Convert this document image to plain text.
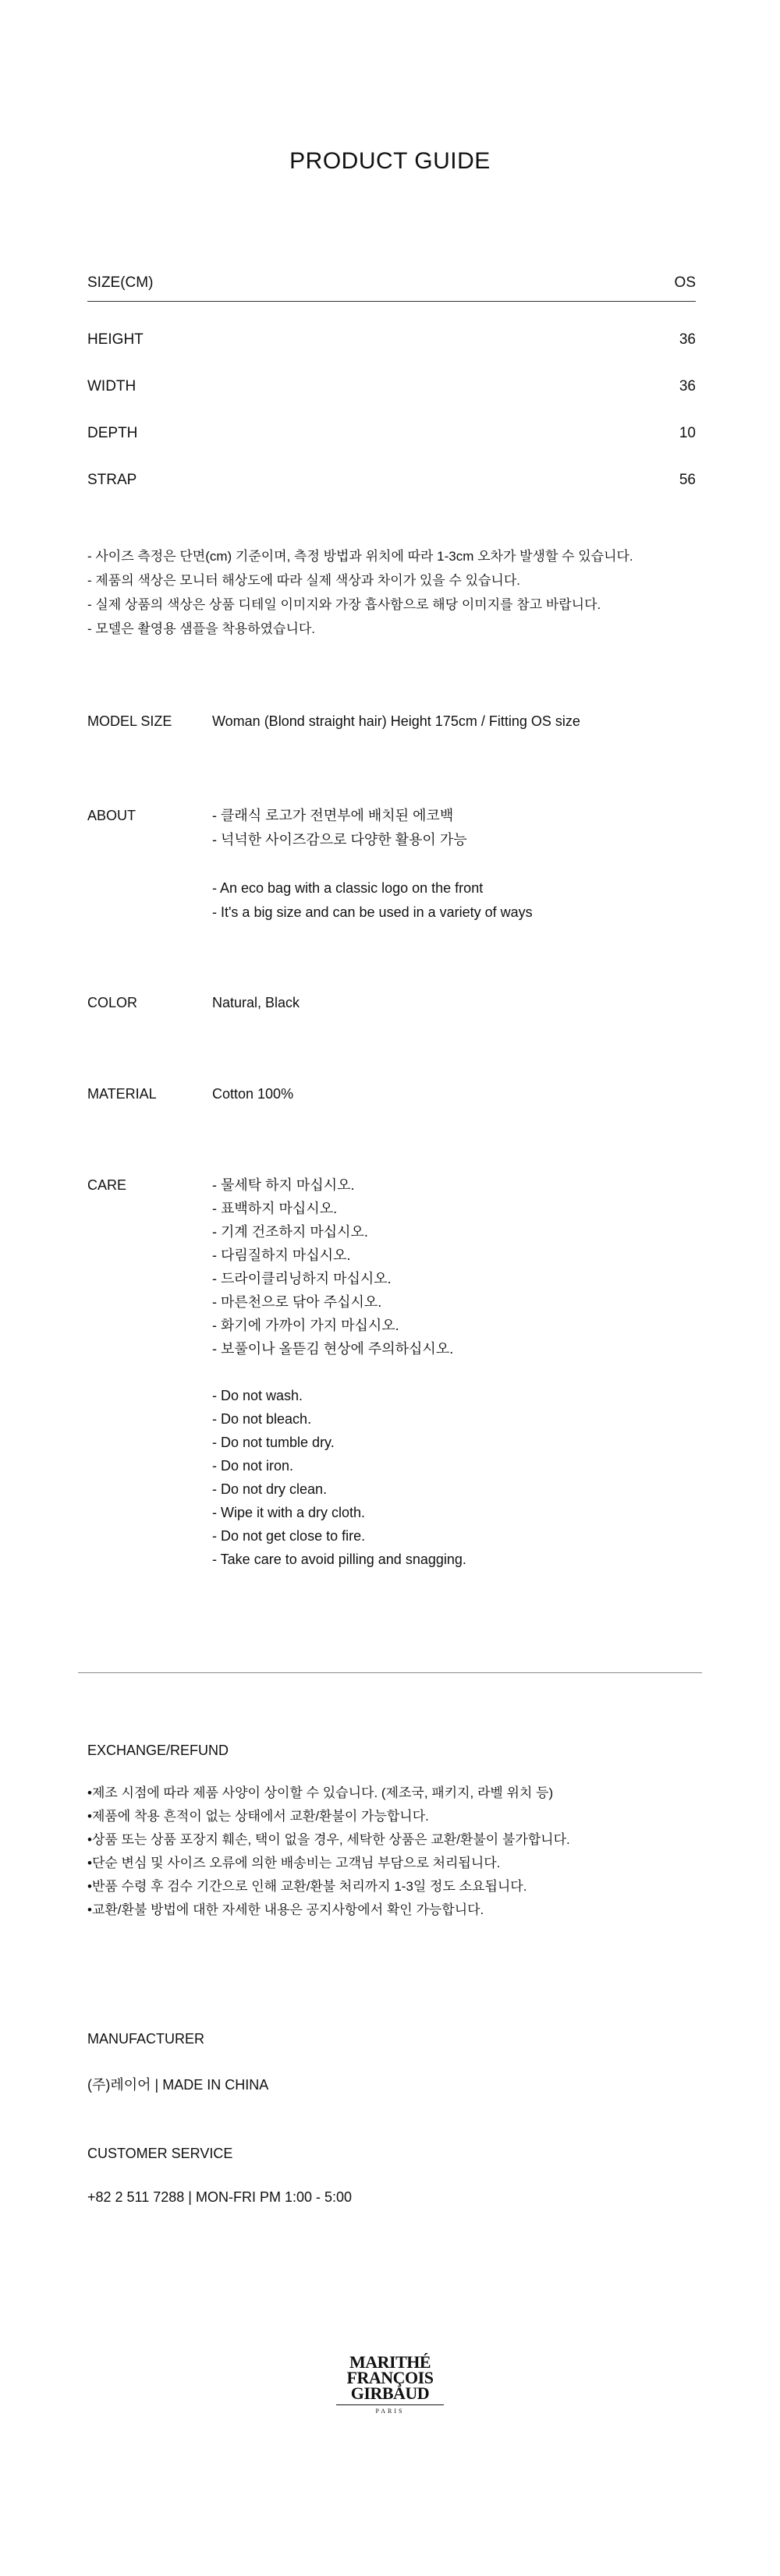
PRODUCT GUIDE
SIZE(CM)	OS
HEIGHT	36
WIDTH	36
DEPTH	10
STRAP	56
- 사이즈 측정은 단면(cm) 기준이며, 측정 방법과 위치에 따라 1-3cm 오차가 발생할 수 있습니다.
- 제품의 색상은 모니터 해상도에 따라 실제 색상과 차이가 있을 수 있습니다.
- 실제 상품의 색상은 상품 디테일 이미지와 가장 흡사함으로 해당 이미지를 참고 바랍니다.
- 모델은 촬영용 샘플을 착용하였습니다.
MODEL SIZE	Woman (Blond straight hair) Height 175cm / Fitting OS size
ABOUT	- 클래식 로고가 전면부에 배치된 에코백
- 넉넉한 사이즈감으로 다양한 활용이 가능
- An eco bag with a classic logo on the front
- It's a big size and can be used in a variety of ways
COLOR	Natural, Black
MATERIAL	Cotton 100%
CARE	- 물세탁 하지 마십시오.
- 표백하지 마십시오.
- 기계 건조하지 마십시오.
- 다림질하지 마십시오.
- 드라이클리닝하지 마십시오.
- 마른천으로 닦아 주십시오.
- 화기에 가까이 가지 마십시오.
- 보풀이나 올뜯김 현상에 주의하십시오.
- Do not wash.
- Do not bleach.
- Do not tumble dry.
- Do not iron.
- Do not dry clean.
- Wipe it with a dry cloth.
- Do not get close to fire.
- Take care to avoid pilling and snagging.
EXCHANGE/REFUND
•제조 시점에 따라 제품 사양이 상이할 수 있습니다. (제조국, 패키지, 라벨 위치 등)
•제품에 착용 흔적이 없는 상태에서 교환/환불이 가능합니다.
•상품 또는 상품 포장지 훼손, 택이 없을 경우, 세탁한 상품은 교환/환불이 불가합니다.
•단순 변심 및 사이즈 오류에 의한 배송비는 고객님 부담으로 처리됩니다.
•반품 수령 후 검수 기간으로 인해 교환/환불 처리까지 1-3일 정도 소요됩니다.
•교환/환불 방법에 대한 자세한 내용은 공지사항에서 확인 가능합니다.
MANUFACTURER
(주)레이어 | MADE IN CHINA
CUSTOMER SERVICE
+82 2 511 7288 | MON-FRI PM 1:00 - 5:00
MARITHÉ
FRANÇOIS
GIRBAUD
PARIS
